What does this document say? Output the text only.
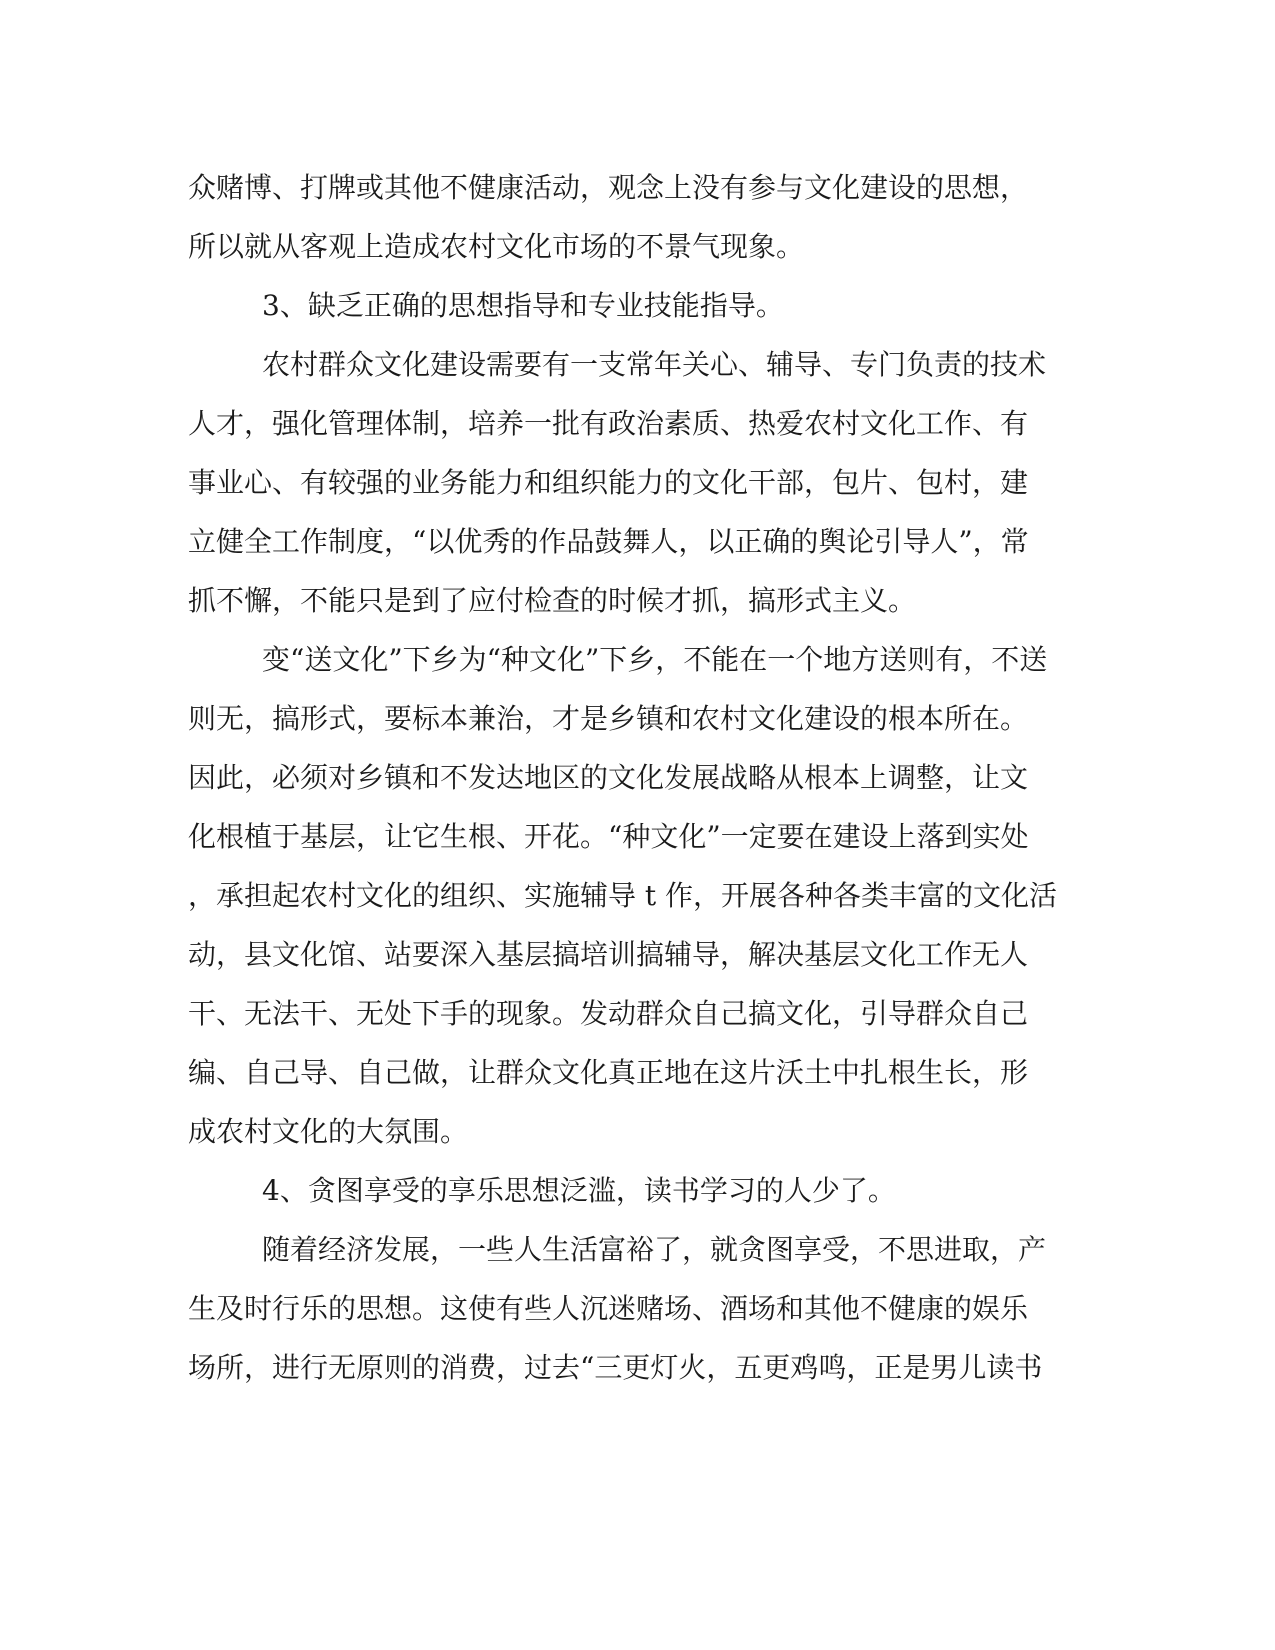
众赌博、打牌或其他不健康活动，观念上没有参与文化建设的思想，
所以就从客观上造成农村文化市场的不景气现象。
3、缺乏正确的思想指导和专业技能指导。
农村群众文化建设需要有一支常年关心、辅导、专门负责的技术
人才，强化管理体制，培养一批有政治素质、热爱农村文化工作、有
事业心、有较强的业务能力和组织能力的文化干部，包片、包村，建
立健全工作制度，“以优秀的作品鼓舞人，以正确的舆论引导人”，常
抓不懈，不能只是到了应付检查的时候才抓，搞形式主义。
变“送文化”下乡为“种文化”下乡，不能在一个地方送则有，不送
则无，搞形式，要标本兼治，才是乡镇和农村文化建设的根本所在。
因此，必须对乡镇和不发达地区的文化发展战略从根本上调整，让文
化根植于基层，让它生根、开花。“种文化”一定要在建设上落到实处
，承担起农村文化的组织、实施辅导 t 作，开展各种各类丰富的文化活
动，县文化馆、站要深入基层搞培训搞辅导，解决基层文化工作无人
干、无法干、无处下手的现象。发动群众自己搞文化，引导群众自己
编、自己导、自己做，让群众文化真正地在这片沃土中扎根生长，形
成农村文化的大氛围。
4、贪图享受的享乐思想泛滥，读书学习的人少了。
随着经济发展，一些人生活富裕了，就贪图享受，不思进取，产
生及时行乐的思想。这使有些人沉迷赌场、酒场和其他不健康的娱乐
场所，进行无原则的消费，过去“三更灯火，五更鸡鸣，正是男儿读书
